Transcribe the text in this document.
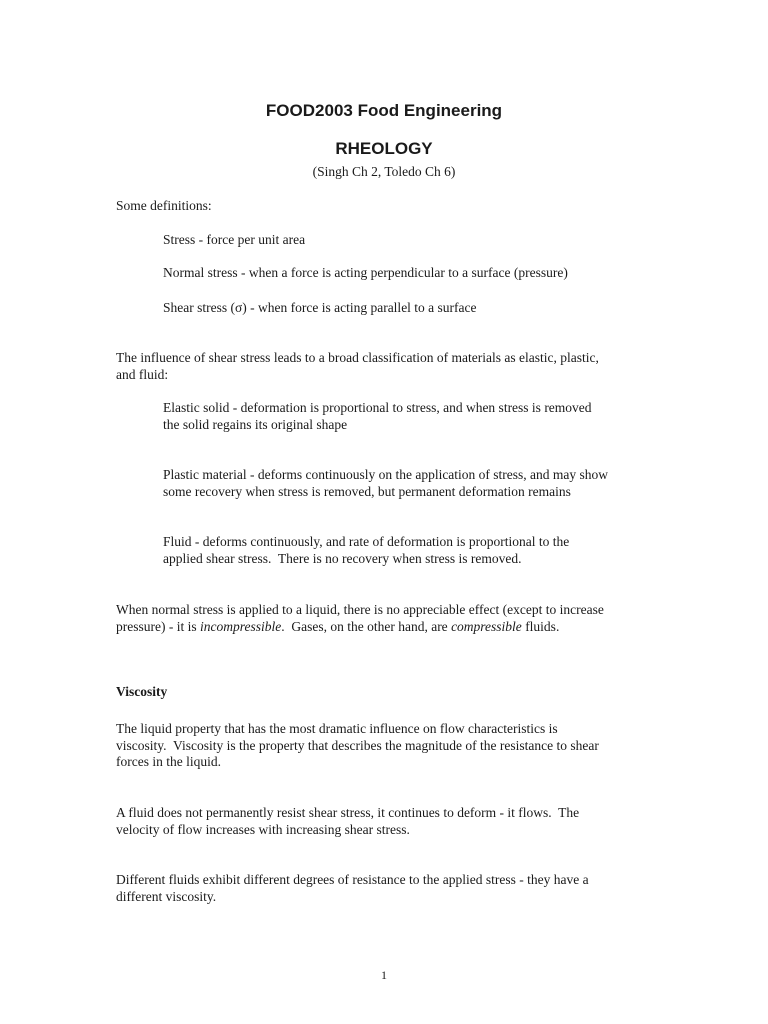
FOOD2003 Food Engineering
RHEOLOGY
(Singh Ch 2, Toledo Ch 6)
Some definitions:
Stress - force per unit area
Normal stress - when a force is acting perpendicular to a surface (pressure)
Shear stress (σ) - when force is acting parallel to a surface
The influence of shear stress leads to a broad classification of materials as elastic, plastic,
and fluid:
Elastic solid - deformation is proportional to stress, and when stress is removed
the solid regains its original shape
Plastic material - deforms continuously on the application of stress, and may show
some recovery when stress is removed, but permanent deformation remains
Fluid - deforms continuously, and rate of deformation is proportional to the
applied shear stress.  There is no recovery when stress is removed.
When normal stress is applied to a liquid, there is no appreciable effect (except to increase
pressure) - it is incompressible.  Gases, on the other hand, are compressible fluids.
Viscosity
The liquid property that has the most dramatic influence on flow characteristics is
viscosity.  Viscosity is the property that describes the magnitude of the resistance to shear
forces in the liquid.
A fluid does not permanently resist shear stress, it continues to deform - it flows.  The
velocity of flow increases with increasing shear stress.
Different fluids exhibit different degrees of resistance to the applied stress - they have a
different viscosity.
1
